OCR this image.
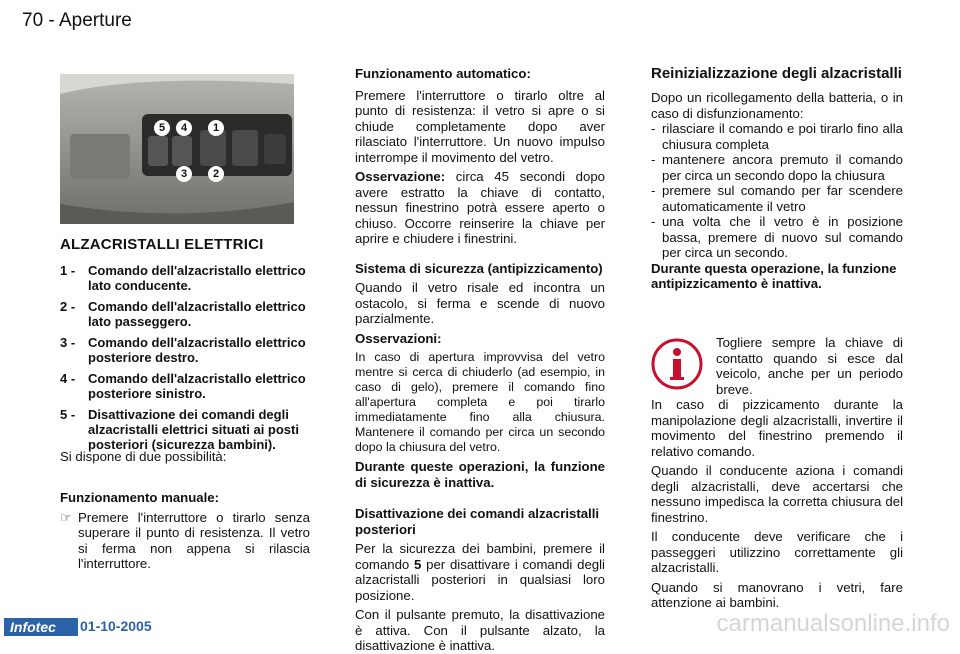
70 - Aperture
5	4	1
3	2
ALZACRISTALLI ELETTRICI
1 - Comando dell'alzacristallo elettrico lato conducente.
2 - Comando dell'alzacristallo elettrico lato passeggero.
3 - Comando dell'alzacristallo elettrico posteriore destro.
4 - Comando dell'alzacristallo elettrico posteriore sinistro.
5 - Disattivazione dei comandi degli alzacristalli elettrici situati ai posti posteriori (sicurezza bambini).

Si dispone di due possibilità:

Funzionamento manuale:

☞ Premere l'interruttore o tirarlo senza superare il punto di resistenza. Il vetro si ferma non appena si rilascia l'interruttore.

Funzionamento automatico:

Premere l'interruttore o tirarlo oltre al punto di resistenza: il vetro si apre o si chiude completamente dopo aver rilasciato l'interruttore. Un nuovo impulso interrompe il movimento del vetro.

Osservazione: circa 45 secondi dopo avere estratto la chiave di contatto, nessun finestrino potrà essere aperto o chiuso. Occorre reinserire la chiave per aprire e chiudere i finestrini.

Sistema di sicurezza (antipizzicamento)

Quando il vetro risale ed incontra un ostacolo, si ferma e scende di nuovo parzialmente.

Osservazioni:

In caso di apertura improvvisa del vetro mentre si cerca di chiuderlo (ad esempio, in caso di gelo), premere il comando fino all'apertura completa e poi tirarlo immediatamente fino alla chiusura. Mantenere il comando per circa un secondo dopo la chiusura del vetro.

Durante queste operazioni, la funzione di sicurezza è inattiva.

Disattivazione dei comandi alzacristalli posteriori

Per la sicurezza dei bambini, premere il comando 5 per disattivare i comandi degli alzacristalli posteriori in qualsiasi loro posizione.

Con il pulsante premuto, la disattivazione è attiva. Con il pulsante alzato, la disattivazione è inattiva.

Reinizializzazione degli alzacristalli

Dopo un ricollegamento della batteria, o in caso di disfunzionamento:

- rilasciare il comando e poi tirarlo fino alla chiusura completa
- mantenere ancora premuto il comando per circa un secondo dopo la chiusura
- premere sul comando per far scendere automaticamente il vetro
- una volta che il vetro è in posizione bassa, premere di nuovo sul comando per circa un secondo.

Durante questa operazione, la funzione antipizzicamento è inattiva.

Togliere sempre la chiave di contatto quando si esce dal veicolo, anche per un periodo breve.

In caso di pizzicamento durante la manipolazione degli alzacristalli, invertire il movimento del finestrino premendo il relativo comando.

Quando il conducente aziona i comandi degli alzacristalli, deve accertarsi che nessuno impedisca la corretta chiusura del finestrino.

Il conducente deve verificare che i passeggeri utilizzino correttamente gli alzacristalli.

Quando si manovrano i vetri, fare attenzione ai bambini.

Infotec 01-10-2005	carmanualsonline.info
